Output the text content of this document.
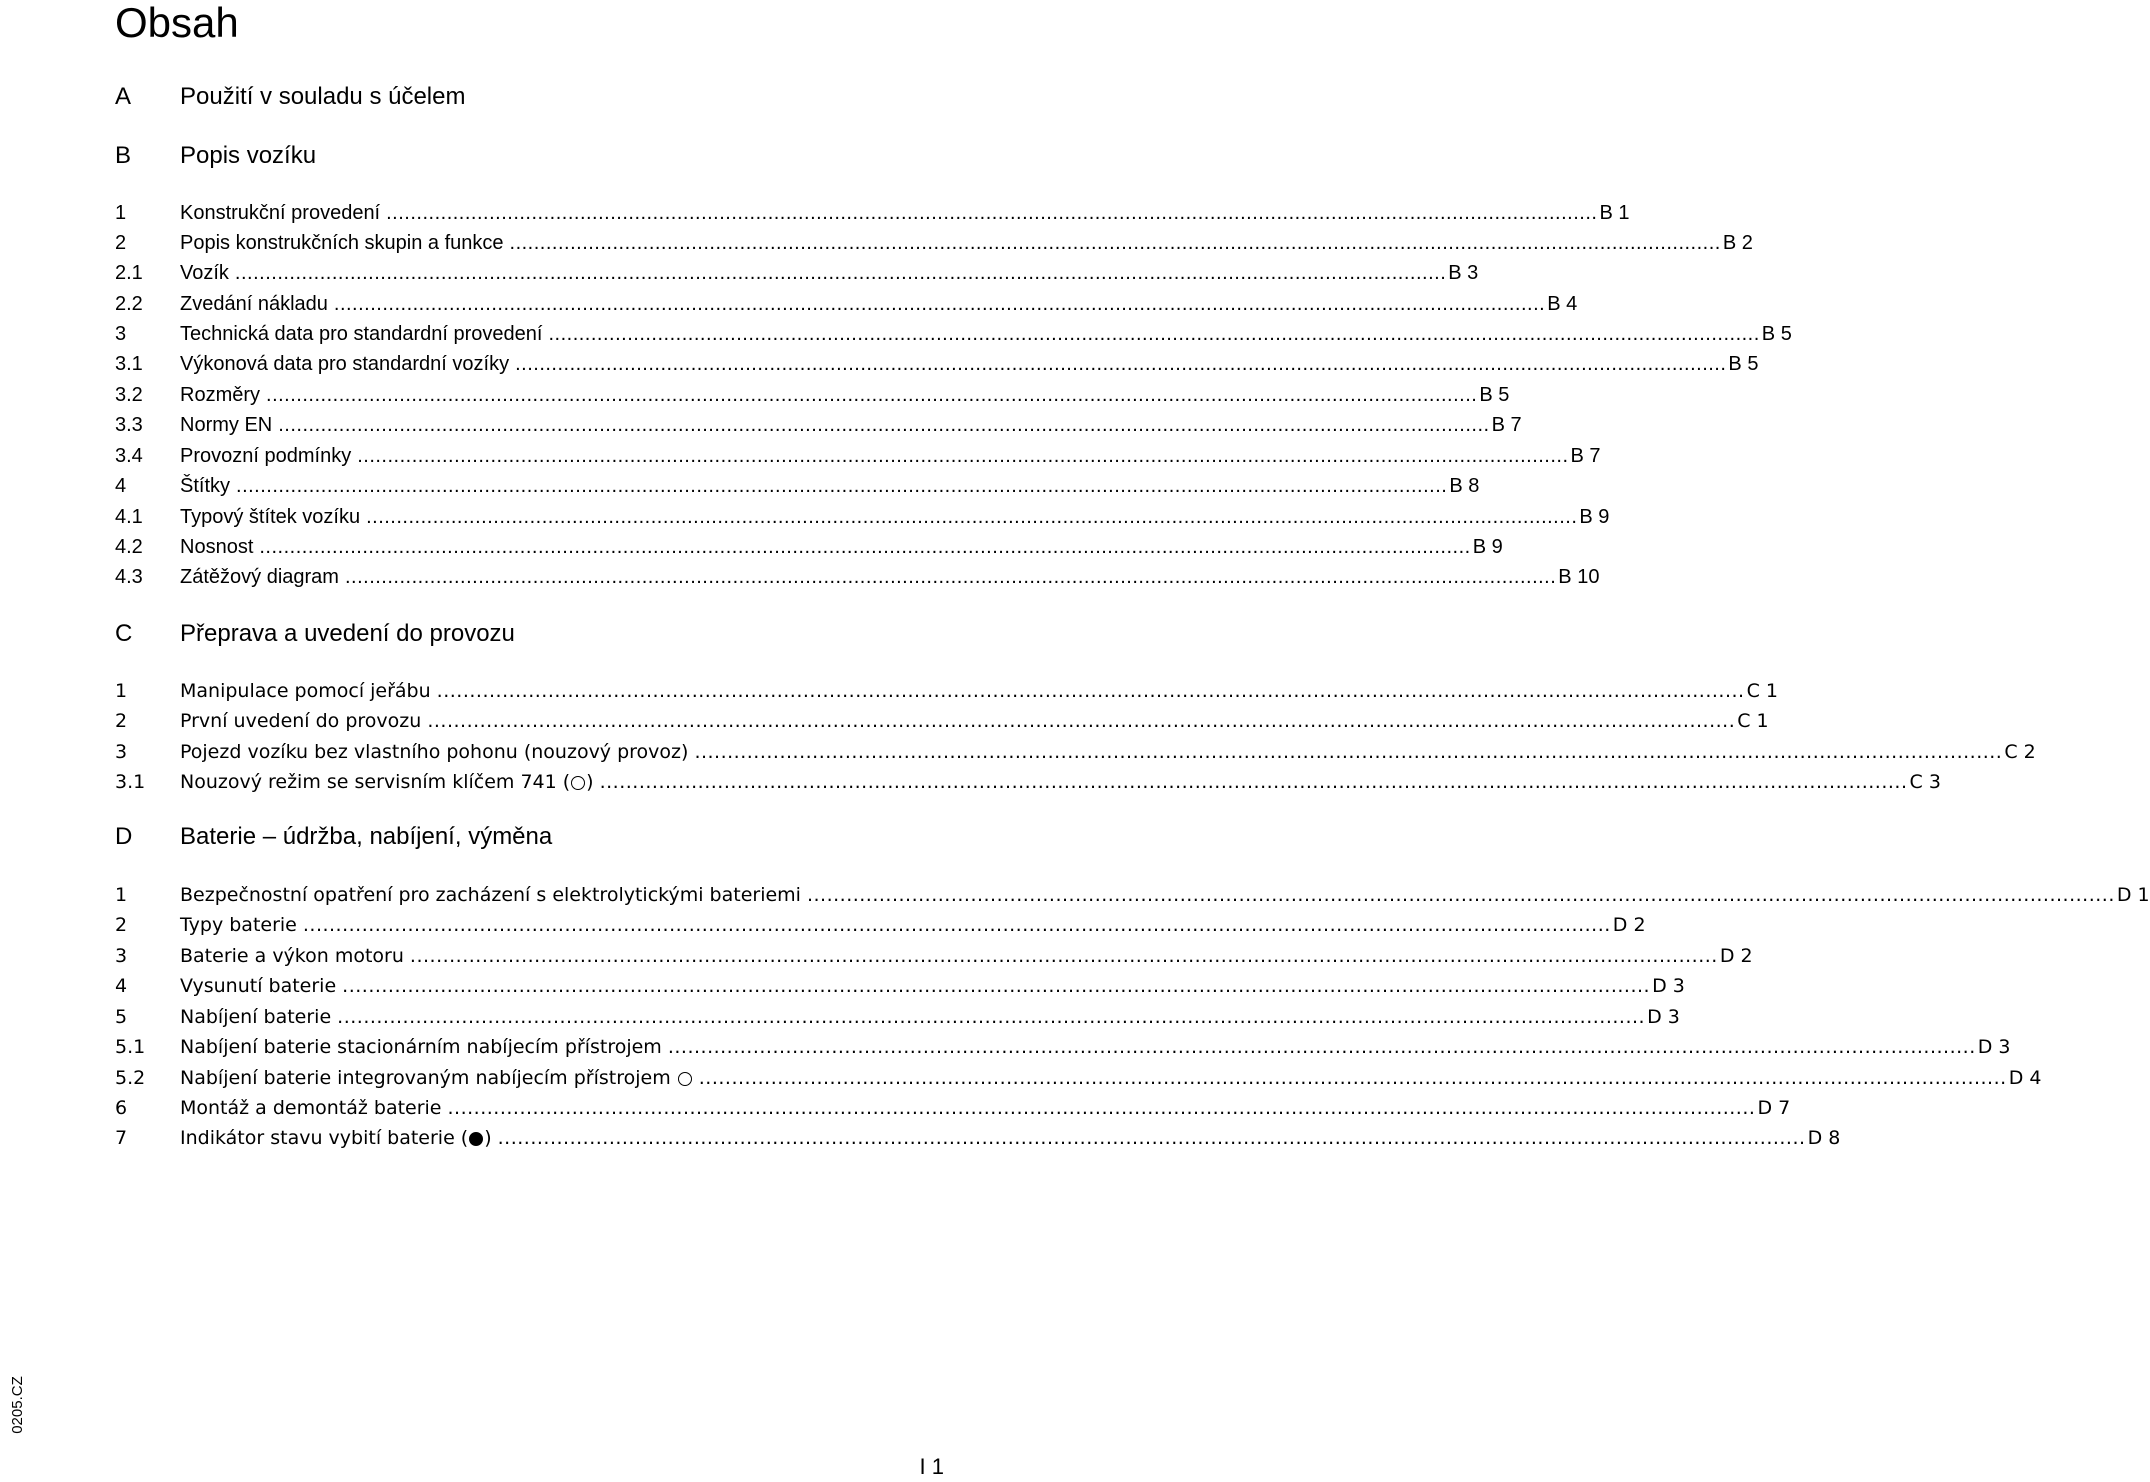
Obsah
A Použití v souladu s účelem
B Popis vozíku
1	Konstrukční provedení ........................................................................................................................................................................................................ B 1
2	Popis konstrukčních skupin a funkce ........................................................................................................................................................................................................ B 2
2.1 Vozík ........................................................................................................................................................................................................ B 3
2.2 Zvedání nákladu ........................................................................................................................................................................................................ B 4
3	Technická data pro standardní provedení ........................................................................................................................................................................................................ B 5
3.1 Výkonová data pro standardní vozíky ........................................................................................................................................................................................................ B 5
3.2 Rozměry ........................................................................................................................................................................................................ B 5
3.3 Normy EN ........................................................................................................................................................................................................ B 7
3.4 Provozní podmínky ........................................................................................................................................................................................................ B 7
4	Štítky ........................................................................................................................................................................................................ B 8
4.1 Typový štítek vozíku ........................................................................................................................................................................................................ B 9
4.2 Nosnost ........................................................................................................................................................................................................ B 9
4.3 Zátěžový diagram ........................................................................................................................................................................................................ B 10
C Přeprava a uvedení do provozu
1	Manipulace pomocí jeřábu ........................................................................................................................................................................................................ C 1
2	První uvedení do provozu ........................................................................................................................................................................................................ C 1
3	Pojezd vozíku bez vlastního pohonu (nouzový provoz) ........................................................................................................................................................................................................ C 2
3.1 Nouzový režim se servisním klíčem 741 ( ) ........................................................................................................................................................................................................ C 3
D Baterie – údržba, nabíjení, výměna
1	Bezpečnostní opatření pro zacházení s elektrolytickými bateriemi ........................................................................................................................................................................................................ D 1
2	Typy baterie ........................................................................................................................................................................................................ D 2
3	Baterie a výkon motoru ........................................................................................................................................................................................................ D 2
4	Vysunutí baterie ........................................................................................................................................................................................................ D 3
5	Nabíjení baterie ........................................................................................................................................................................................................ D 3
5.1 Nabíjení baterie stacionárním nabíjecím přístrojem ........................................................................................................................................................................................................ D 3
5.2 Nabíjení baterie integrovaným nabíjecím přístrojem	........................................................................................................................................................................................................ D 4
6	Montáž a demontáž baterie ........................................................................................................................................................................................................ D 7
7	Indikátor stavu vybití baterie ( ) ........................................................................................................................................................................................................ D 8
0205.CZ
I 1
